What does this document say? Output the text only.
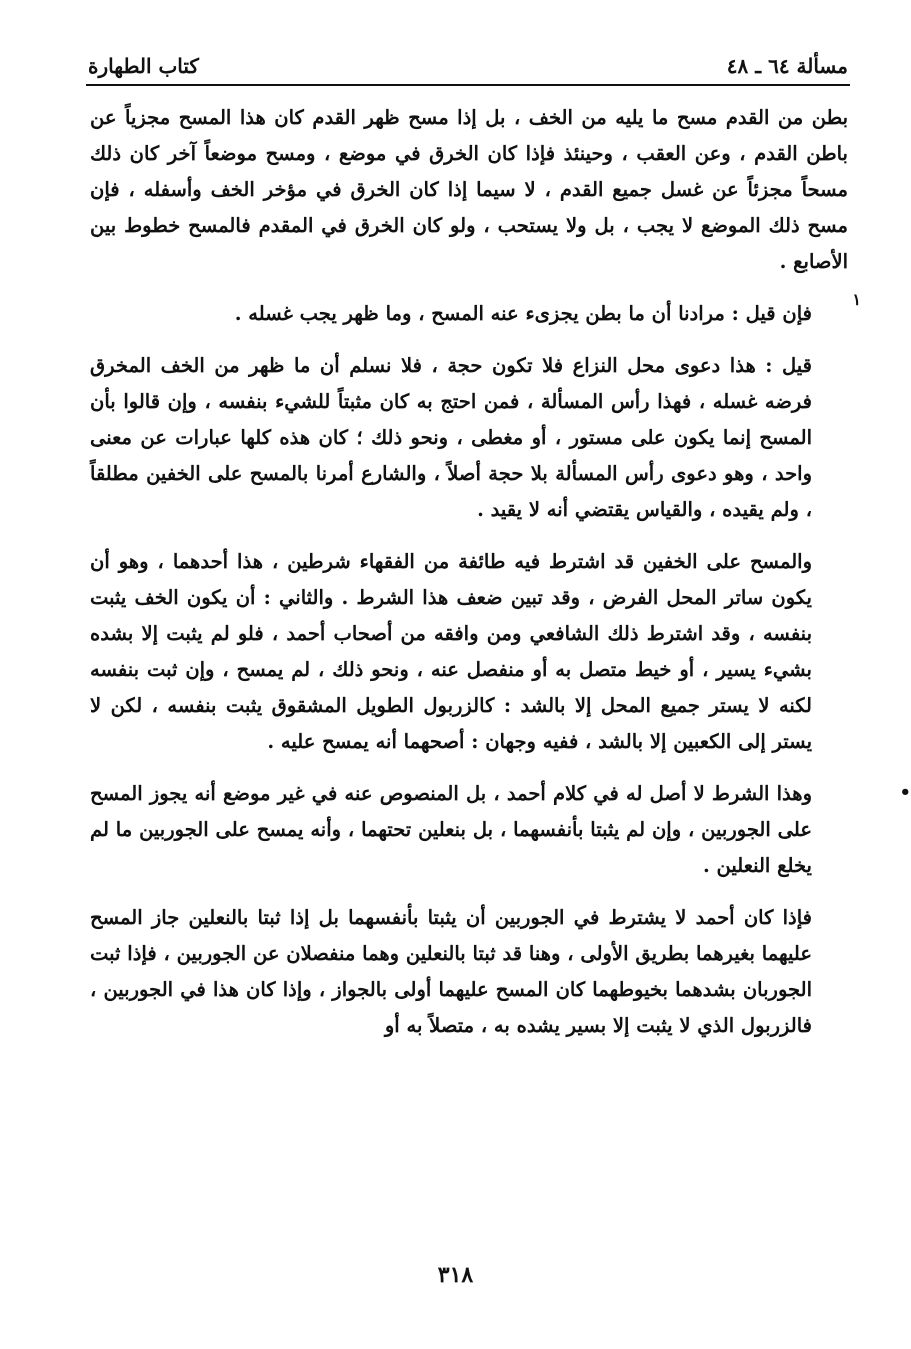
مسألة ٦٤ ـ ٤٨
كتاب الطهارة

بطن من القدم مسح ما يليه من الخف ، بل إذا مسح ظهر القدم كان هذا المسح مجزياً عن باطن القدم ، وعن العقب ، وحينئذ فإذا كان الخرق في موضع ، ومسح موضعاً آخر كان ذلك مسحاً مجزئاً عن غسل جميع القدم ، لا سيما إذا كان الخرق في مؤخر الخف وأسفله ، فإن مسح ذلك الموضع لا يجب ، بل ولا يستحب ، ولو كان الخرق في المقدم فالمسح خطوط بين الأصابع .

فإن قيل : مرادنا أن ما بطن يجزىء عنه المسح ، وما ظهر يجب غسله .

قيل : هذا دعوى محل النزاع فلا تكون حجة ، فلا نسلم أن ما ظهر من الخف المخرق فرضه غسله ، فهذا رأس المسألة ، فمن احتج به كان مثبتاً للشيء بنفسه ، وإن قالوا بأن المسح إنما يكون على مستور ، أو مغطى ، ونحو ذلك ؛ كان هذه كلها عبارات عن معنى واحد ، وهو دعوى رأس المسألة بلا حجة أصلاً ، والشارع أمرنا بالمسح على الخفين مطلقاً ، ولم يقيده ، والقياس يقتضي أنه لا يقيد .

والمسح على الخفين قد اشترط فيه طائفة من الفقهاء شرطين ، هذا أحدهما ، وهو أن يكون ساتر المحل الفرض ، وقد تبين ضعف هذا الشرط . والثاني : أن يكون الخف يثبت بنفسه ، وقد اشترط ذلك الشافعي ومن وافقه من أصحاب أحمد ، فلو لم يثبت إلا بشده بشيء يسير ، أو خيط متصل به أو منفصل عنه ، ونحو ذلك ، لم يمسح ، وإن ثبت بنفسه لكنه لا يستر جميع المحل إلا بالشد : كالزربول الطويل المشقوق يثبت بنفسه ، لكن لا يستر إلى الكعبين إلا بالشد ، ففيه وجهان : أصحهما أنه يمسح عليه .

وهذا الشرط لا أصل له في كلام أحمد ، بل المنصوص عنه في غير موضع أنه يجوز المسح على الجوربين ، وإن لم يثبتا بأنفسهما ، بل بنعلين تحتهما ، وأنه يمسح على الجوربين ما لم يخلع النعلين .

فإذا كان أحمد لا يشترط في الجوربين أن يثبتا بأنفسهما بل إذا ثبتا بالنعلين جاز المسح عليهما بغيرهما بطريق الأولى ، وهنا قد ثبتا بالنعلين وهما منفصلان عن الجوربين ، فإذا ثبت الجوربان بشدهما بخيوطهما كان المسح عليهما أولى بالجواز ، وإذا كان هذا في الجوربين ، فالزربول الذي لا يثبت إلا بسير يشده به ، متصلاً به أو

١
•
٣١٨
